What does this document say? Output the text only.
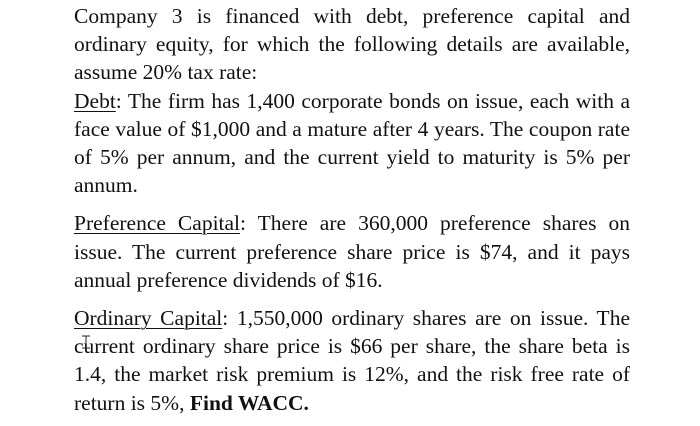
Company 3 is financed with debt, preference capital and ordinary equity, for which the following details are available, assume 20% tax rate:

Debt: The firm has 1,400 corporate bonds on issue, each with a face value of $1,000 and a mature after 4 years. The coupon rate of 5% per annum, and the current yield to maturity is 5% per annum.

Preference Capital: There are 360,000 preference shares on issue. The current preference share price is $74, and it pays annual preference dividends of $16.

Ordinary Capital: 1,550,000 ordinary shares are on issue. The current ordinary share price is $66 per share, the share beta is 1.4, the market risk premium is 12%, and the risk free rate of return is 5%, Find WACC.
